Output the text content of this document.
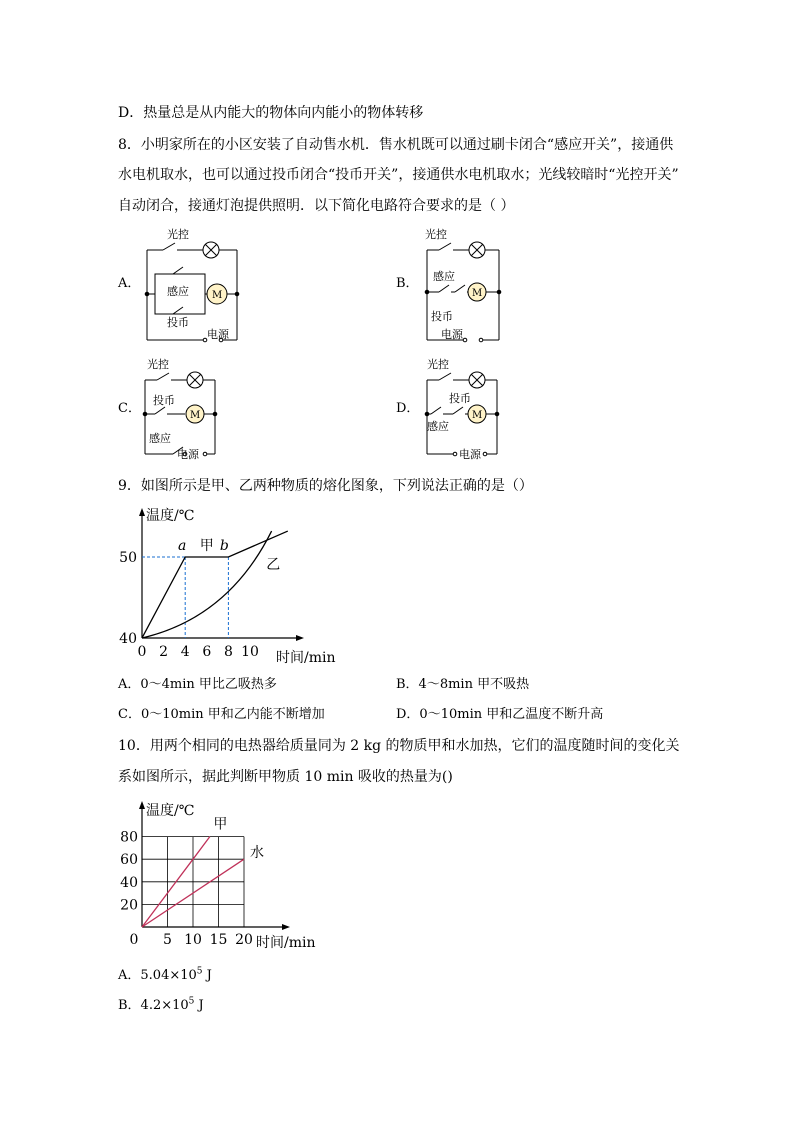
D．热量总是从内能大的物体向内能小的物体转移
8．小明家所在的小区安装了自动售水机．售水机既可以通过刷卡闭合“感应开关”，接通供
水电机取水，也可以通过投币闭合“投币开关”，接通供水电机取水；光线较暗时“光控开关”
自动闭合，接通灯泡提供照明．以下简化电路符合要求的是（ ）
A．	B．
C．	D．
光控
感应
投币
电源
M
光控
感应
投币
电源
M
光控
投币
感应
电源
M
光控
投币
感应
电源
M
9．如图所示是甲、乙两种物质的熔化图象，下列说法正确的是（）
温度/℃
时间/min
0 2 4 6 8 10
40
50
a 甲 b
乙
A．0～4min 甲比乙吸热多	B．4～8min 甲不吸热
C．0～10min 甲和乙内能不断增加	D．0～10min 甲和乙温度不断升高
10．用两个相同的电热器给质量同为 2 kg 的物质甲和水加热，它们的温度随时间的变化关
系如图所示，据此判断甲物质 10 min 吸收的热量为()
温度/℃
时间/min
0 5 10 15 20
20
40
60
80
甲
水
A．$5.04\times 10^5$ J
B．$4.2\times 10^5$ J
